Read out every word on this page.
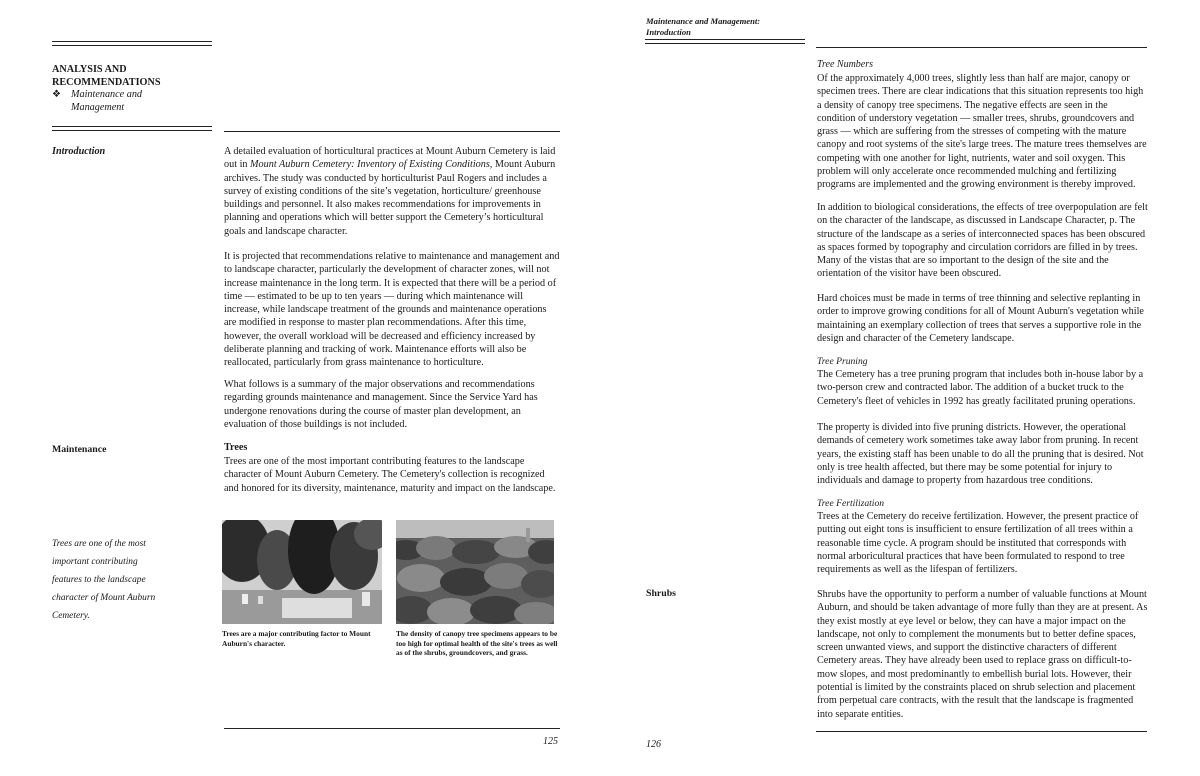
ANALYSIS AND RECOMMENDATIONS
❖ Maintenance and Management
Introduction	A detailed evaluation of horticultural practices at Mount Auburn Cemetery is laid out in Mount Auburn Cemetery: Inventory of Existing Conditions, Mount Auburn archives. The study was conducted by horticulturist Paul Rogers and includes a survey of existing conditions of the site’s vegetation, horticulture/ greenhouse buildings and personnel. It also makes recommendations for improvements in planning and operations which will better support the Cemetery’s horticultural goals and landscape character.

It is projected that recommendations relative to maintenance and management and to landscape character, particularly the development of character zones, will not increase maintenance in the long term. It is expected that there will be a period of time — estimated to be up to ten years — during which maintenance will increase, while landscape treatment of the grounds and maintenance operations are modified in response to master plan recommendations. After this time, however, the overall workload will be decreased and efficiency increased by deliberate planning and tracking of work. Maintenance efforts will also be reallocated, particularly from grass maintenance to horticulture.

What follows is a summary of the major observations and recommendations regarding grounds maintenance and management. Since the Service Yard has undergone renovations during the course of master plan development, an evaluation of those buildings is not included.

Maintenance	Trees

Trees are one of the most important contributing features to the landscape character of Mount Auburn Cemetery. The Cemetery's collection is recognized and honored for its diversity, maintenance, maturity and impact on the landscape.

Trees are one of the most important contributing features to the landscape character of Mount Auburn Cemetery.
Trees are a major contributing factor to Mount Auburn's character.
The density of canopy tree specimens appears to be too high for optimal health of the site's trees as well as of the shrubs, groundcovers, and grass.
125
Maintenance and Management:
Introduction
Tree Numbers

Of the approximately 4,000 trees, slightly less than half are major, canopy or specimen trees. There are clear indications that this situation represents too high a density of canopy tree specimens. The negative effects are seen in the condition of understory vegetation — smaller trees, shrubs, groundcovers and grass — which are suffering from the stresses of competing with the mature canopy and root systems of the site's large trees. The mature trees themselves are competing with one another for light, nutrients, water and soil oxygen. This problem will only accelerate once recommended mulching and fertilizing programs are implemented and the growing environment is thereby improved.

In addition to biological considerations, the effects of tree overpopulation are felt on the character of the landscape, as discussed in Landscape Character, p. The structure of the landscape as a series of interconnected spaces has been obscured as spaces formed by topography and circulation corridors are filled in by trees. Many of the vistas that are so important to the design of the site and the orientation of the visitor have been obscured.

Hard choices must be made in terms of tree thinning and selective replanting in order to improve growing conditions for all of Mount Auburn's vegetation while maintaining an exemplary collection of trees that serves a supportive role in the design and character of the Cemetery landscape.

Tree Pruning

The Cemetery has a tree pruning program that includes both in-house labor by a two-person crew and contracted labor. The addition of a bucket truck to the Cemetery's fleet of vehicles in 1992 has greatly facilitated pruning operations.

The property is divided into five pruning districts. However, the operational demands of cemetery work sometimes take away labor from pruning. In recent years, the existing staff has been unable to do all the pruning that is desired. Not only is tree health affected, but there may be some potential for injury to individuals and damage to property from hazardous tree conditions.

Tree Fertilization

Trees at the Cemetery do receive fertilization. However, the present practice of putting out eight tons is insufficient to ensure fertilization of all trees within a reasonable time cycle. A program should be instituted that corresponds with normal arboricultural practices that have been formulated to respond to tree requirements as well as the lifespan of fertilizers.

Shrubs	Shrubs have the opportunity to perform a number of valuable functions at Mount Auburn, and should be taken advantage of more fully than they are at present. As they exist mostly at eye level or below, they can have a major impact on the landscape, not only to complement the monuments but to better define spaces, screen unwanted views, and support the distinctive characters of different Cemetery areas. They have already been used to replace grass on difficult-to-mow slopes, and most predominantly to embellish burial lots. However, their potential is limited by the constraints placed on shrub selection and placement from perpetual care contracts, with the result that the landscape is fragmented into separate entities.

126
